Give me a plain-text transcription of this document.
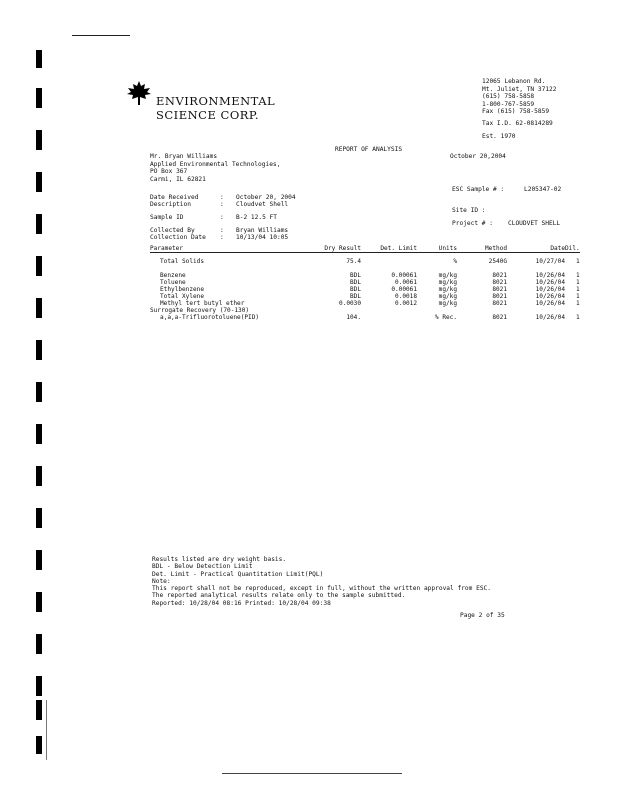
ENVIRONMENTAL
SCIENCE CORP.
12065 Lebanon Rd.
Mt. Juliet, TN 37122
(615) 758-5858
1-800-767-5859
Fax (615) 758-5859
Tax I.D. 62-0814289
Est. 1970
REPORT OF ANALYSIS
October 20,2004
Mr. Bryan Williams
Applied Environmental Technologies,
PO Box 367
Carmi, IL 62821
ESC Sample # :	L205347-02
Date Received	: October 20, 2004
Description	: Cloudvet Shell
Sample ID	: B-2 12.5 FT
Collected By	: Bryan Williams
Collection Date : 10/13/04 10:05
Site ID :
Project # : CLOUDVET SHELL
Parameter	Dry Result	Det. Limit	Units	Method	Date	Dil.

Total Solids	75.4		%	2540G	10/27/04	1

Benzene	BDL	0.00061	mg/kg	8021	10/26/04	1
Toluene	BDL	0.0061	mg/kg	8021	10/26/04	1
Ethylbenzene	BDL	0.00061	mg/kg	8021	10/26/04	1
Total Xylene	BDL	0.0018	mg/kg	8021	10/26/04	1
Methyl tert butyl ether	0.0030	0.0012	mg/kg	8021	10/26/04	1
Surrogate Recovery (70-130)						
a,a,a-Trifluorotoluene(PID)	104.		% Rec.	8021	10/26/04	1
Results listed are dry weight basis.
BDL - Below Detection Limit
Det. Limit - Practical Quantitation Limit(PQL)
Note:
This report shall not be reproduced, except in full, without the written approval from ESC.
The reported analytical results relate only to the sample submitted.
Reported: 10/28/04 08:16 Printed: 10/28/04 09:38
Page 2 of 35
